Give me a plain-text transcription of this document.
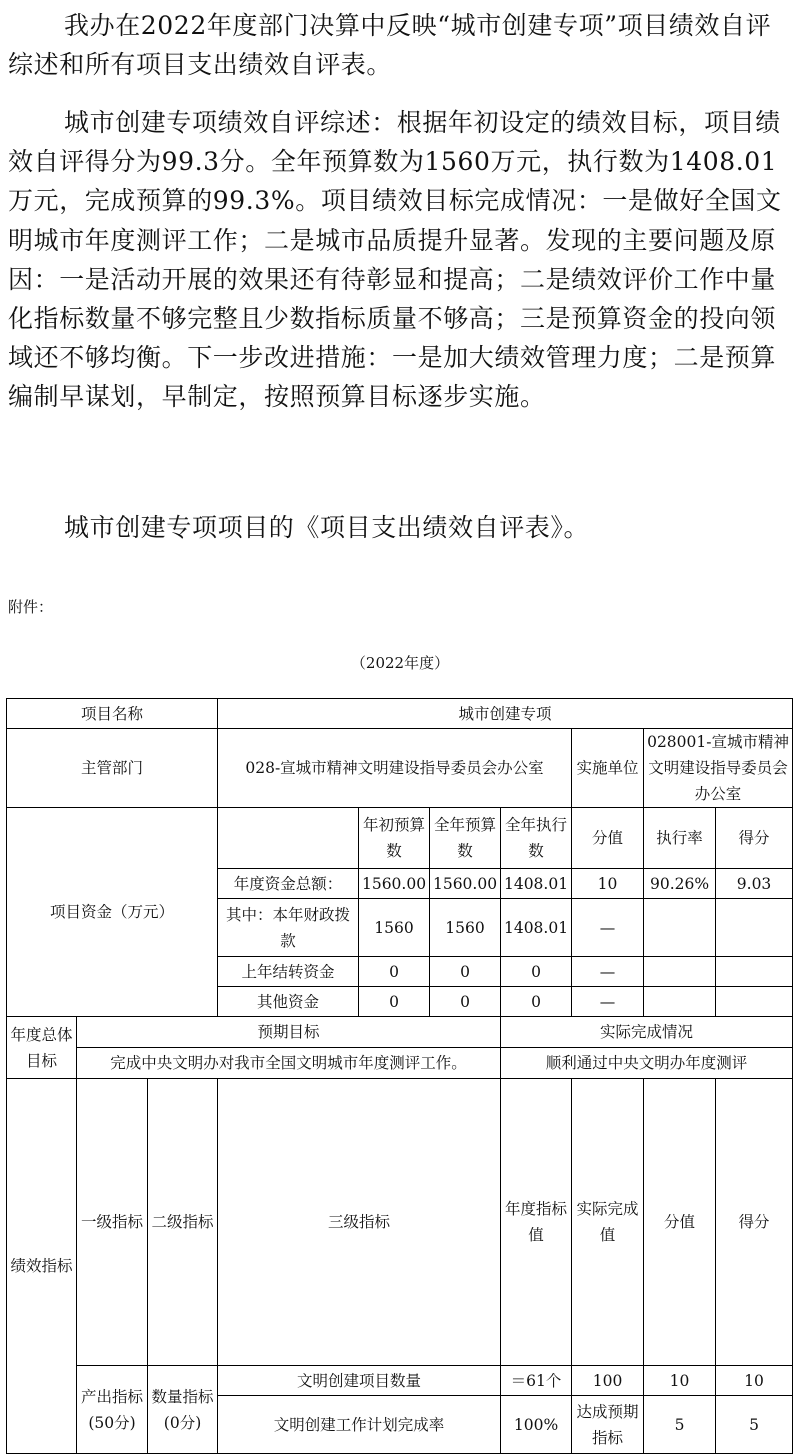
我办在2022年度部门决算中反映“城市创建专项”项目绩效自评综述和所有项目支出绩效自评表。

城市创建专项绩效自评综述：根据年初设定的绩效目标，项目绩效自评得分为99.3分。全年预算数为1560万元，执行数为1408.01万元，完成预算的99.3%。项目绩效目标完成情况：一是做好全国文明城市年度测评工作；二是城市品质提升显著。发现的主要问题及原因：一是活动开展的效果还有待彰显和提高；二是绩效评价工作中量化指标数量不够完整且少数指标质量不够高；三是预算资金的投向领域还不够均衡。下一步改进措施：一是加大绩效管理力度；二是预算编制早谋划，早制定，按照预算目标逐步实施。

城市创建专项项目的《项目支出绩效自评表》。

附件：
（2022年度）
项目名称			城市创建专项							
主管部门			028-宣城市精神文明建设指导委员会办公室				实施单位	028001-宣城市精神文明建设指导委员会办公室		
项目资金（万元）				年初预算数	全年预算数	全年执行数	分值	执行率	得分	
			年度资金总额：	1560.00	1560.00	1408.01	10	90.26%	9.03	
			其中：本年财政拨款	1560	1560	1408.01	—			
			上年结转资金	0	0	0	—			
			其他资金	0	0	0	—			
年度总体目标	预期目标					实际完成情况				
	完成中央文明办对我市全国文明城市年度测评工作。					顺利通过中央文明办年度测评				
绩效指标	一级指标	二级指标	三级指标			年度指标值	实际完成值	分值	得分	
	产出指标(50分)	数量指标(0分)	文明创建项目数量			＝61个	100	10	10	
			文明创建工作计划完成率			100%	达成预期指标	5	5	
